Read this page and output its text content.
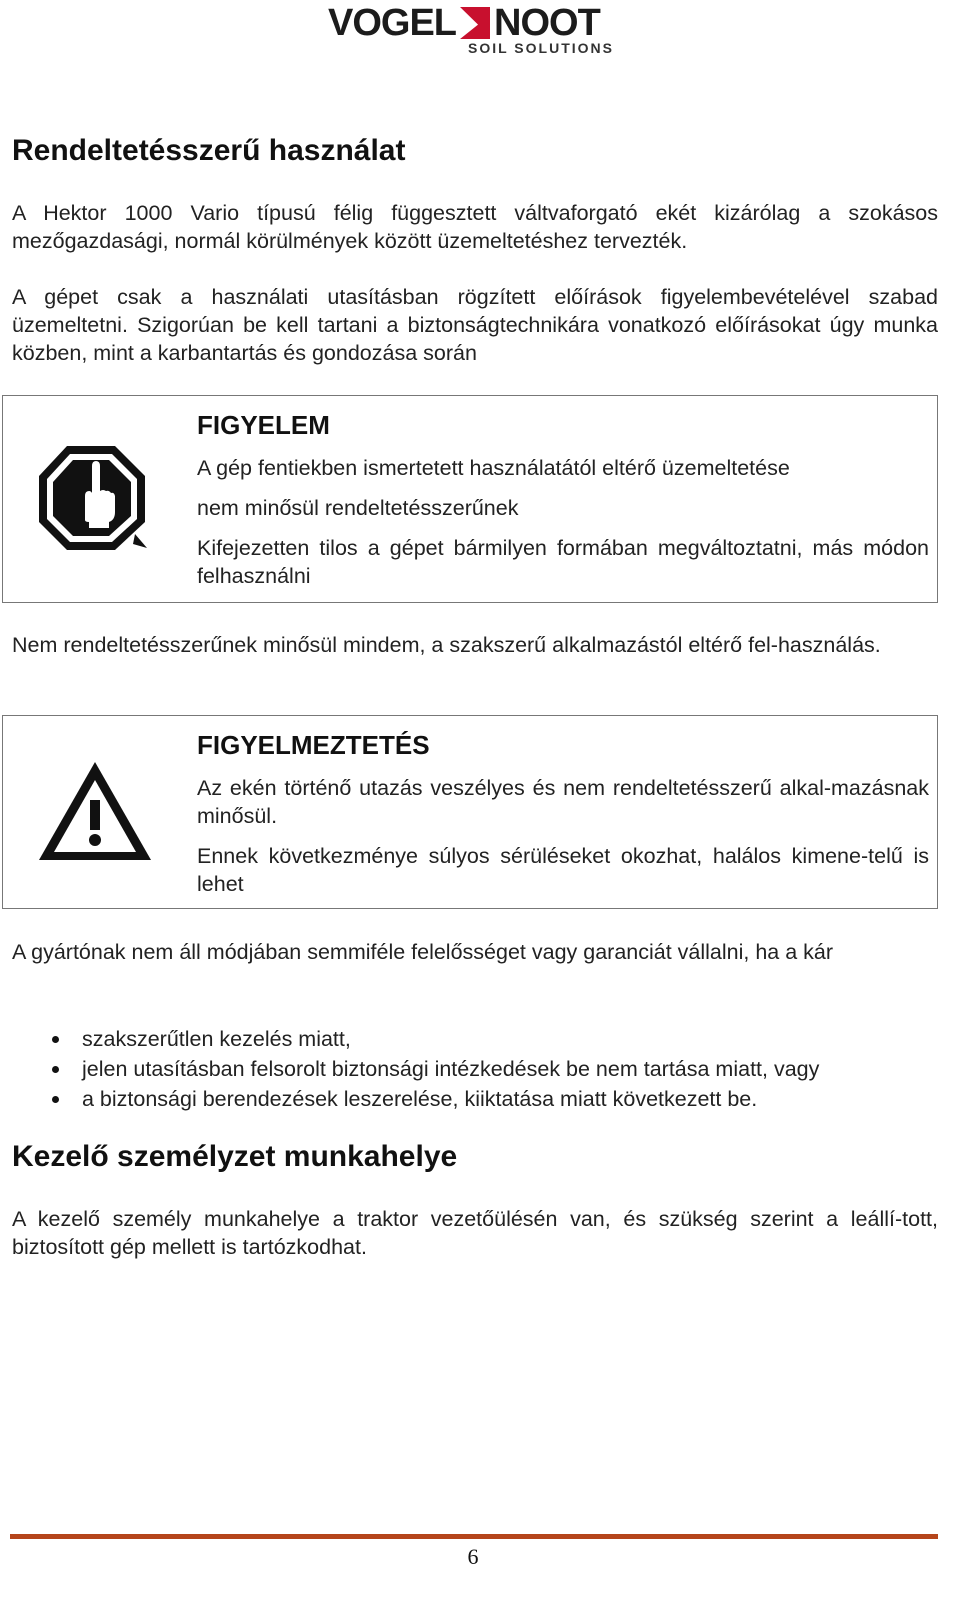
VOGEL NOOT
SOIL SOLUTIONS
Rendeltetésszerű használat

A Hektor 1000 Vario típusú félig függesztett váltvaforgató ekét kizárólag a szokásos mezőgazdasági, normál körülmények között üzemeltetéshez tervezték.

A gépet csak a használati utasításban rögzített előírások figyelembevételével szabad üzemeltetni. Szigorúan be kell tartani a biztonságtechnikára vonatkozó előírásokat úgy munka közben, mint a karbantartás és gondozása során

FIGYELEM

A gép fentiekben ismertetett használatától eltérő üzemeltetése

nem minősül rendeltetésszerűnek

Kifejezetten tilos a gépet bármilyen formában megváltoztatni, más módon felhasználni

Nem rendeltetésszerűnek minősül mindem, a szakszerű alkalmazástól eltérő fel-használás.

FIGYELMEZTETÉS

Az ekén történő utazás veszélyes és nem rendeltetésszerű alkal-mazásnak minősül.

Ennek következménye súlyos sérüléseket okozhat, halálos kimene-telű is lehet

A gyártónak nem áll módjában semmiféle felelősséget vagy garanciát vállalni, ha a kár

szakszerűtlen kezelés miatt,
jelen utasításban felsorolt biztonsági intézkedések be nem tartása miatt, vagy
a biztonsági berendezések leszerelése, kiiktatása miatt következett be.
Kezelő személyzet munkahelye

A kezelő személy munkahelye a traktor vezetőülésén van, és szükség szerint a leállí-tott, biztosított gép mellett is tartózkodhat.

6
